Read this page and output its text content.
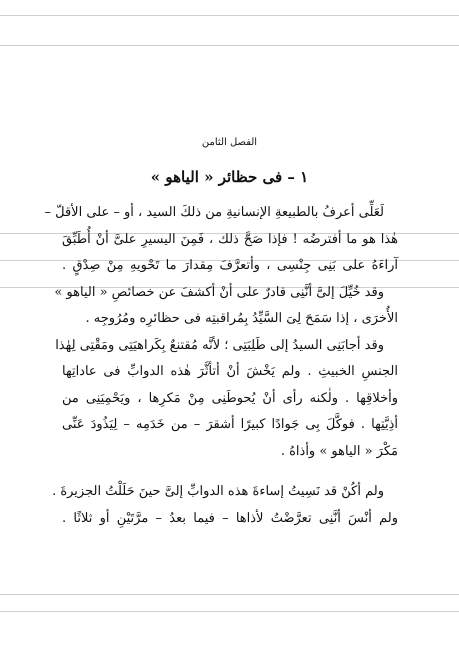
الفصل الثامن
١ – فى حظائر « الياهو »
لَعَلِّى أعرفُ بالطبيعةِ الإنسانيةِ من ذلكَ السيد ، أو – على الأقلّ –
هٰذا هو ما أفترضُه ! فإذا صَحَّ ذلك ، فَمِنَ اليسيرِ علىَّ أنْ أُطَبِّقَ
آراءَهُ على بَنِى جِنْسِى ، وأتعرَّفَ مِقدارَ ما تَحْويهِ مِنْ صِدْقٍ .
وقد خُيِّلَ إلىَّ أنَّنِى قادرٌ على أنْ أكشفَ عن خصائصِ « الياهو »
الأُخرَى ، إذا سَمَحَ لِىَ السَّيِّدُ بِمُراقبتِه فى حظائرِه ومُرُوجِه .
وقد أجابَنِى السيدُ إلى طَلِبَتِى ؛ لأنَّه مُقتنعٌ بِكَراهيَتِى ومَقْتِى لِهٰذا
الجنسِ الخبيثِ . ولم يَخْشَ أنْ أتأثَّرَ هٰذه الدوابِّ فى عاداتِها
وأخلاقِها . ولٰكنه رأى أنْ يُحوطَنِى مِنْ مَكرِها ، ويَحْمِيَنِى من
أذِيَّتِها . فوكَّلَ بِى جَوادًا كبيرًا أشقرَ – من خَدَمِه – لِيَذُودَ عَنِّى
مَكْرَ « الياهو » وأذاهُ .
ولم أكُنْ قد نَسِيتُ إساءةَ هذه الدوابِّ إلىَّ حينَ حَلَلْتُ الجزيرةَ .
ولم أنْسَ أنَّنِى تعرَّضْتُ لأذاها – فيما بعدُ – مرَّتَيْنِ أو ثلاثًا .
